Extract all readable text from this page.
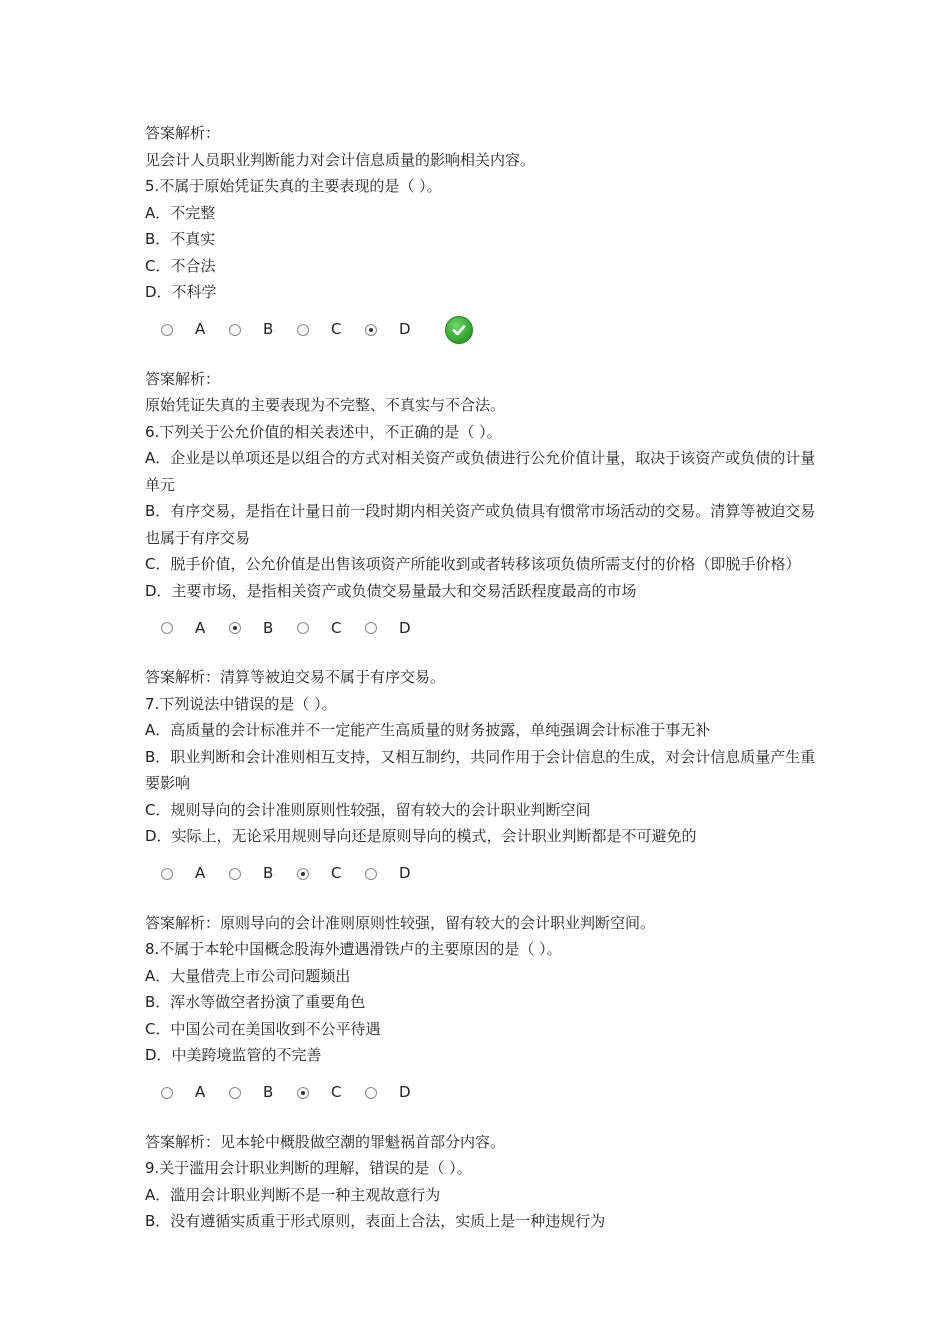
答案解析：
见会计人员职业判断能力对会计信息质量的影响相关内容。
5.不属于原始凭证失真的主要表现的是（ ）。
A．不完整
B．不真实
C．不合法
D．不科学
A	B	C	D
答案解析：
原始凭证失真的主要表现为不完整、不真实与不合法。
6.下列关于公允价值的相关表述中，不正确的是（ ）。
A．企业是以单项还是以组合的方式对相关资产或负债进行公允价值计量，取决于该资产或负债的计量单元
B．有序交易，是指在计量日前一段时期内相关资产或负债具有惯常市场活动的交易。清算等被迫交易也属于有序交易
C．脱手价值，公允价值是出售该项资产所能收到或者转移该项负债所需支付的价格（即脱手价格）
D．主要市场，是指相关资产或负债交易量最大和交易活跃程度最高的市场
A	B	C	D
答案解析：清算等被迫交易不属于有序交易。
7.下列说法中错误的是（ ）。
A．高质量的会计标准并不一定能产生高质量的财务披露，单纯强调会计标准于事无补
B．职业判断和会计准则相互支持，又相互制约，共同作用于会计信息的生成，对会计信息质量产生重要影响
C．规则导向的会计准则原则性较强，留有较大的会计职业判断空间
D．实际上，无论采用规则导向还是原则导向的模式，会计职业判断都是不可避免的
A	B	C	D
答案解析：原则导向的会计准则原则性较强，留有较大的会计职业判断空间。
8.不属于本轮中国概念股海外遭遇滑铁卢的主要原因的是（ ）。
A．大量借壳上市公司问题频出
B．浑水等做空者扮演了重要角色
C．中国公司在美国收到不公平待遇
D．中美跨境监管的不完善
A	B	C	D
答案解析：见本轮中概股做空潮的罪魁祸首部分内容。
9.关于滥用会计职业判断的理解，错误的是（ ）。
A．滥用会计职业判断不是一种主观故意行为
B．没有遵循实质重于形式原则，表面上合法，实质上是一种违规行为
